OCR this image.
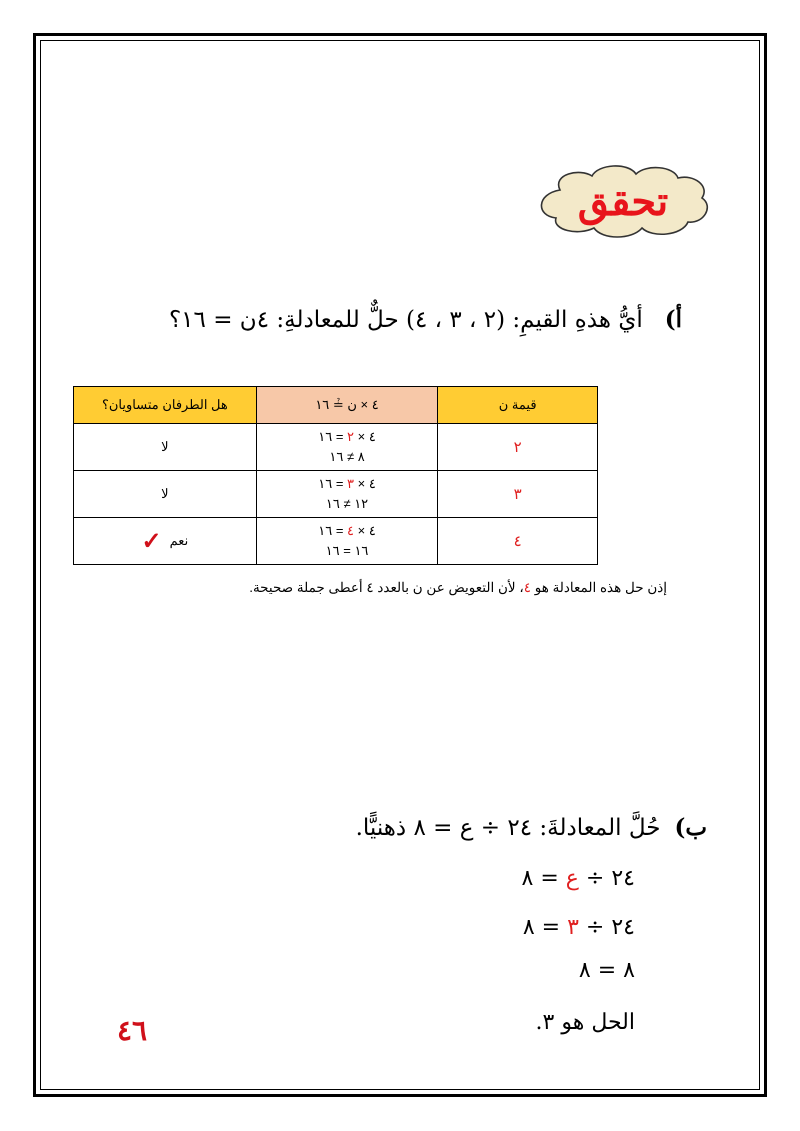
تحقق
أ)أيُّ هذهِ القيمِ: (٢ ، ٣ ، ٤) حلٌّ للمعادلةِ: ٤ن = ١٦؟
قيمة ن	٤ × ن ≟ ١٦	هل الطرفان متساويان؟
٢	٤ × ٢ = ١٦
٨ ≠ ١٦	لا
٣	٤ × ٣ = ١٦
١٢ ≠ ١٦	لا
٤	٤ × ٤ = ١٦
١٦ = ١٦	نعم✓
إذن حل هذه المعادلة هو ٤، لأن التعويض عن ن بالعدد ٤ أعطى جملة صحيحة.
ب)حُلَّ المعادلةَ: ٢٤ ÷ ع = ٨ ذهنيًّا.
٢٤ ÷ ع = ٨
٢٤ ÷ ٣ = ٨
٨ = ٨
الحل هو ٣.
٤٦
